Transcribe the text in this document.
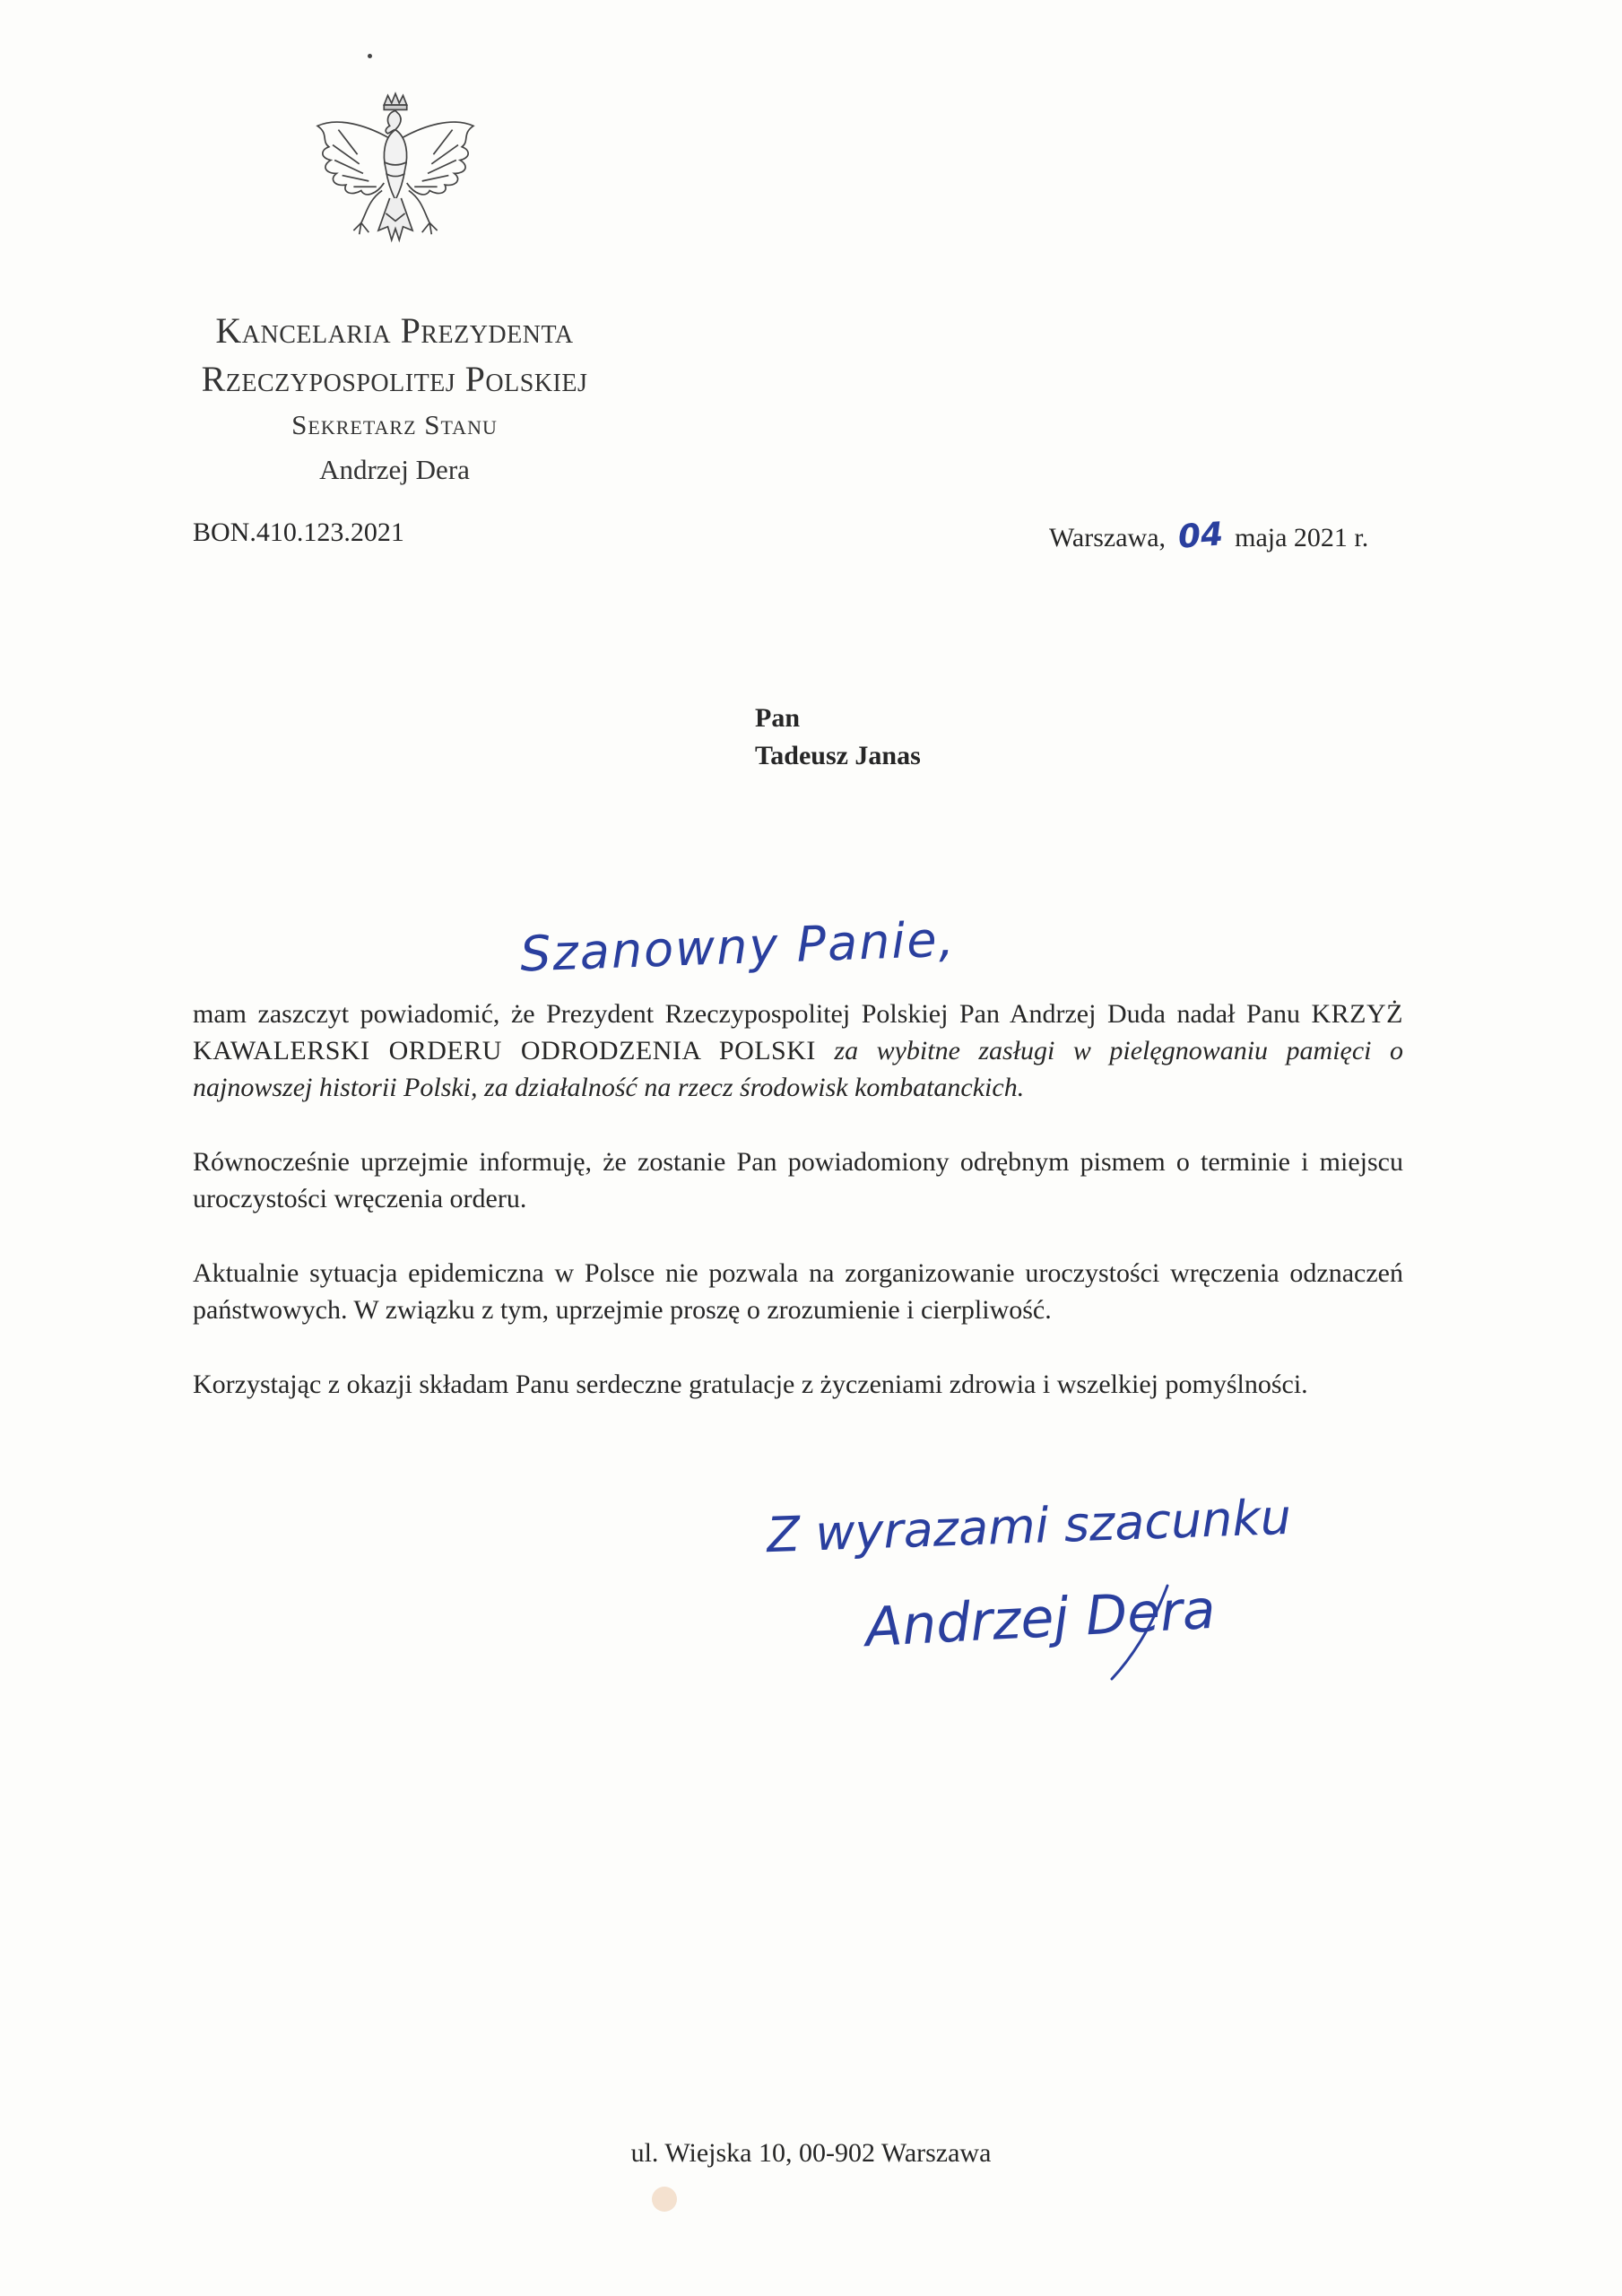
Kancelaria Prezydenta
Rzeczypospolitej Polskiej
Sekretarz Stanu
Andrzej Dera
BON.410.123.2021	Warszawa, 04 maja 2021 r.
Pan
Tadeusz Janas
Szanowny Panie,

mam zaszczyt powiadomić, że Prezydent Rzeczypospolitej Polskiej Pan Andrzej Duda nadał Panu KRZYŻ KAWALERSKI ORDERU ODRODZENIA POLSKI za wybitne zasługi w pielęgnowaniu pamięci o najnowszej historii Polski, za działalność na rzecz środowisk kombatanckich.

Równocześnie uprzejmie informuję, że zostanie Pan powiadomiony odrębnym pismem o terminie i miejscu uroczystości wręczenia orderu.

Aktualnie sytuacja epidemiczna w Polsce nie pozwala na zorganizowanie uroczystości wręczenia odznaczeń państwowych. W związku z tym, uprzejmie proszę o zrozumienie i cierpliwość.

Korzystając z okazji składam Panu serdeczne gratulacje z życzeniami zdrowia i wszelkiej pomyślności.

Z wyrazami szacunku
Andrzej Dera
ul. Wiejska 10, 00-902 Warszawa
